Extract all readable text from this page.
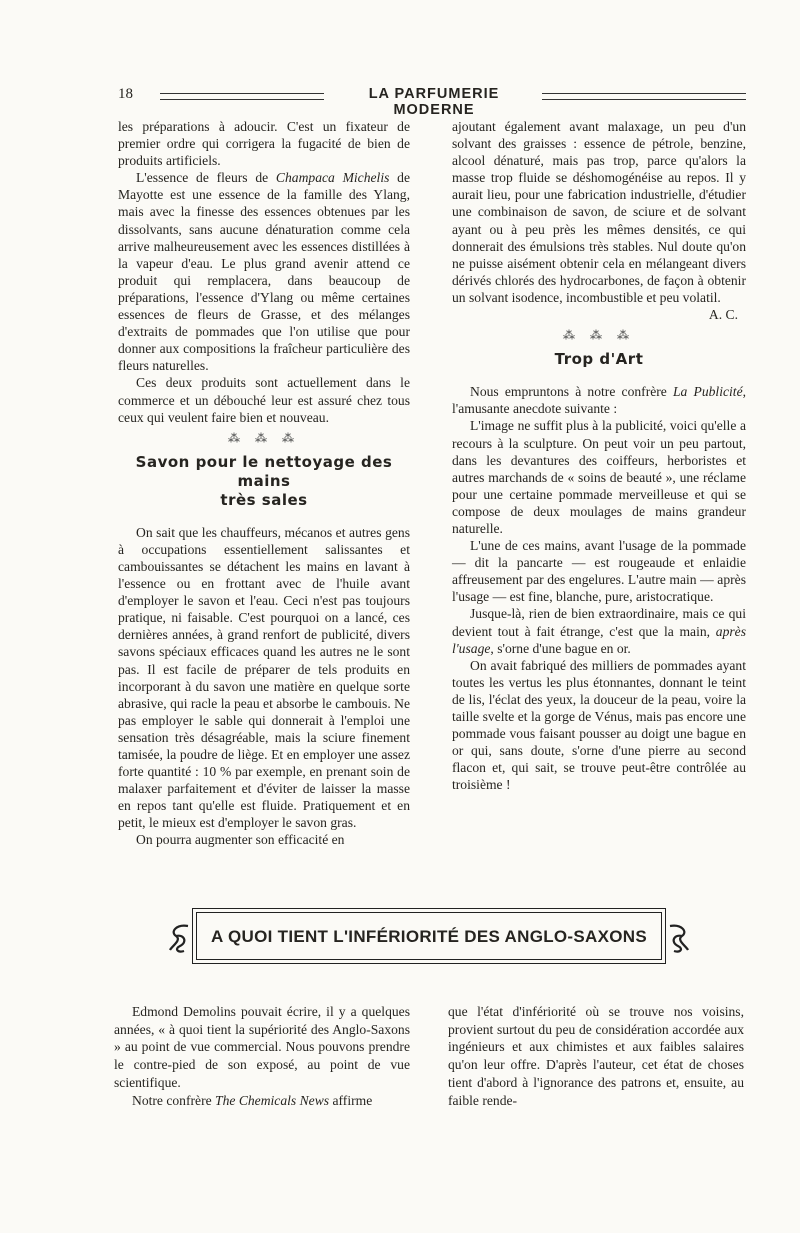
18	LA PARFUMERIE MODERNE

les préparations à adoucir. C'est un fixateur de premier ordre qui corrigera la fugacité de bien de produits artificiels.

L'essence de fleurs de Champaca Michelis de Mayotte est une essence de la famille des Ylang, mais avec la finesse des essences obtenues par les dissolvants, sans aucune dénaturation comme cela arrive malheureusement avec les essences distillées à la vapeur d'eau. Le plus grand avenir attend ce produit qui remplacera, dans beaucoup de préparations, l'essence d'Ylang ou même certaines essences de fleurs de Grasse, et des mélanges d'extraits de pommades que l'on utilise que pour donner aux compositions la fraîcheur particulière des fleurs naturelles.

Ces deux produits sont actuellement dans le commerce et un débouché leur est assuré chez tous ceux qui veulent faire bien et nouveau.

⁂ ⁂ ⁂
Savon pour le nettoyage des mains
très sales

On sait que les chauffeurs, mécanos et autres gens à occupations essentiellement salissantes et cambouissantes se détachent les mains en lavant à l'essence ou en frottant avec de l'huile avant d'employer le savon et l'eau. Ceci n'est pas toujours pratique, ni faisable. C'est pourquoi on a lancé, ces dernières années, à grand renfort de publicité, divers savons spéciaux efficaces quand les autres ne le sont pas. Il est facile de préparer de tels produits en incorporant à du savon une matière en quelque sorte abrasive, qui racle la peau et absorbe le cambouis. Ne pas employer le sable qui donnerait à l'emploi une sensation très désagréable, mais la sciure finement tamisée, la poudre de liège. Et en employer une assez forte quantité : 10 % par exemple, en prenant soin de malaxer parfaitement et d'éviter de laisser la masse en repos tant qu'elle est fluide. Pratiquement et en petit, le mieux est d'employer le savon gras.

On pourra augmenter son efficacité en

ajoutant également avant malaxage, un peu d'un solvant des graisses : essence de pétrole, benzine, alcool dénaturé, mais pas trop, parce qu'alors la masse trop fluide se déshomogénéise au repos. Il y aurait lieu, pour une fabrication industrielle, d'étudier une combinaison de savon, de sciure et de solvant ayant ou à peu près les mêmes densités, ce qui donnerait des émulsions très stables. Nul doute qu'on ne puisse aisément obtenir cela en mélangeant divers dérivés chlorés des hydrocarbones, de façon à obtenir un solvant isodence, incombustible et peu volatil.

A. C.

⁂ ⁂ ⁂
Trop d'Art

Nous empruntons à notre confrère La Publicité, l'amusante anecdote suivante :

L'image ne suffit plus à la publicité, voici qu'elle a recours à la sculpture. On peut voir un peu partout, dans les devantures des coiffeurs, herboristes et autres marchands de « soins de beauté », une réclame pour une certaine pommade merveilleuse et qui se compose de deux moulages de mains grandeur naturelle.

L'une de ces mains, avant l'usage de la pommade — dit la pancarte — est rougeaude et enlaidie affreusement par des engelures. L'autre main — après l'usage — est fine, blanche, pure, aristocratique.

Jusque-là, rien de bien extraordinaire, mais ce qui devient tout à fait étrange, c'est que la main, après l'usage, s'orne d'une bague en or.

On avait fabriqué des milliers de pommades ayant toutes les vertus les plus étonnantes, donnant le teint de lis, l'éclat des yeux, la douceur de la peau, voire la taille svelte et la gorge de Vénus, mais pas encore une pommade vous faisant pousser au doigt une bague en or qui, sans doute, s'orne d'une pierre au second flacon et, qui sait, se trouve peut-être contrôlée au troisième !

A QUOI TIENT L'INFÉRIORITÉ DES ANGLO-SAXONS

Edmond Demolins pouvait écrire, il y a quelques années, « à quoi tient la supériorité des Anglo-Saxons » au point de vue commercial. Nous pouvons prendre le contre-pied de son exposé, au point de vue scientifique.

Notre confrère The Chemicals News affirme

que l'état d'infériorité où se trouve nos voisins, provient surtout du peu de considération accordée aux ingénieurs et aux chimistes et aux faibles salaires qu'on leur offre. D'après l'auteur, cet état de choses tient d'abord à l'ignorance des patrons et, ensuite, au faible rende-
